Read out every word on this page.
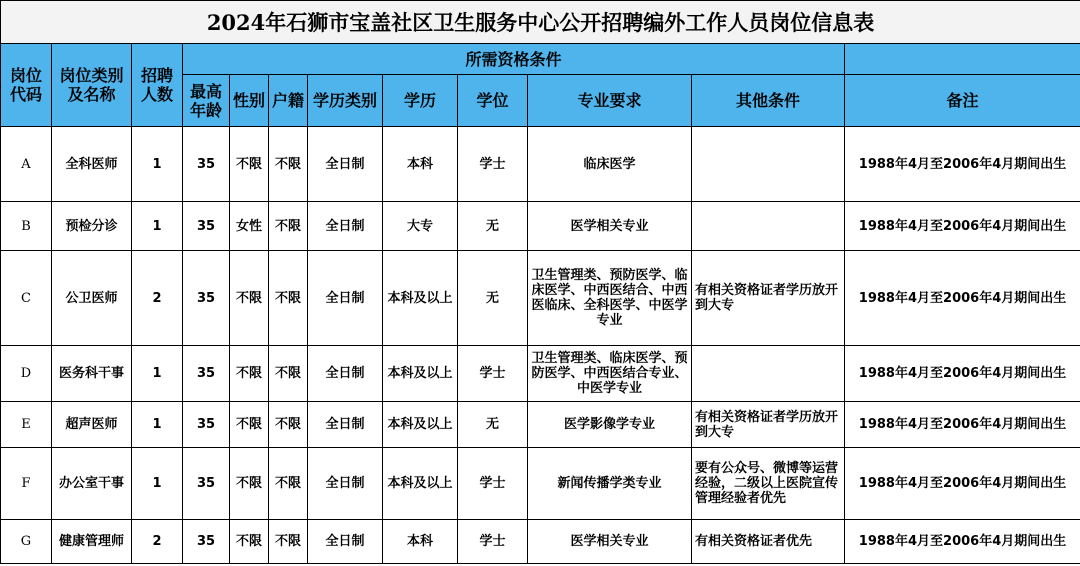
2024年石狮市宝盖社区卫生服务中心公开招聘编外工作人员岗位信息表											
岗位代码	岗位类别及名称	招聘人数	所需资格条件								
			最高年龄	性别	户籍	学历类别	学历	学位	专业要求	其他条件	备注
A	全科医师	1	35	不限	不限	全日制	本科	学士	临床医学		1988年4月至2006年4月期间出生
B	预检分诊	1	35	女性	不限	全日制	大专	无	医学相关专业		1988年4月至2006年4月期间出生
C	公卫医师	2	35	不限	不限	全日制	本科及以上	无	卫生管理类、预防医学、临床医学、中西医结合、中西医临床、全科医学、中医学专业	有相关资格证者学历放开到大专	1988年4月至2006年4月期间出生
D	医务科干事	1	35	不限	不限	全日制	本科及以上	学士	卫生管理类、临床医学、预防医学、中西医结合专业、中医学专业		1988年4月至2006年4月期间出生
E	超声医师	1	35	不限	不限	全日制	本科及以上	无	医学影像学专业	有相关资格证者学历放开到大专	1988年4月至2006年4月期间出生
F	办公室干事	1	35	不限	不限	全日制	本科及以上	学士	新闻传播学类专业	要有公众号、微博等运营经验，二级以上医院宣传管理经验者优先	1988年4月至2006年4月期间出生
G	健康管理师	2	35	不限	不限	全日制	本科	学士	医学相关专业	有相关资格证者优先	1988年4月至2006年4月期间出生
